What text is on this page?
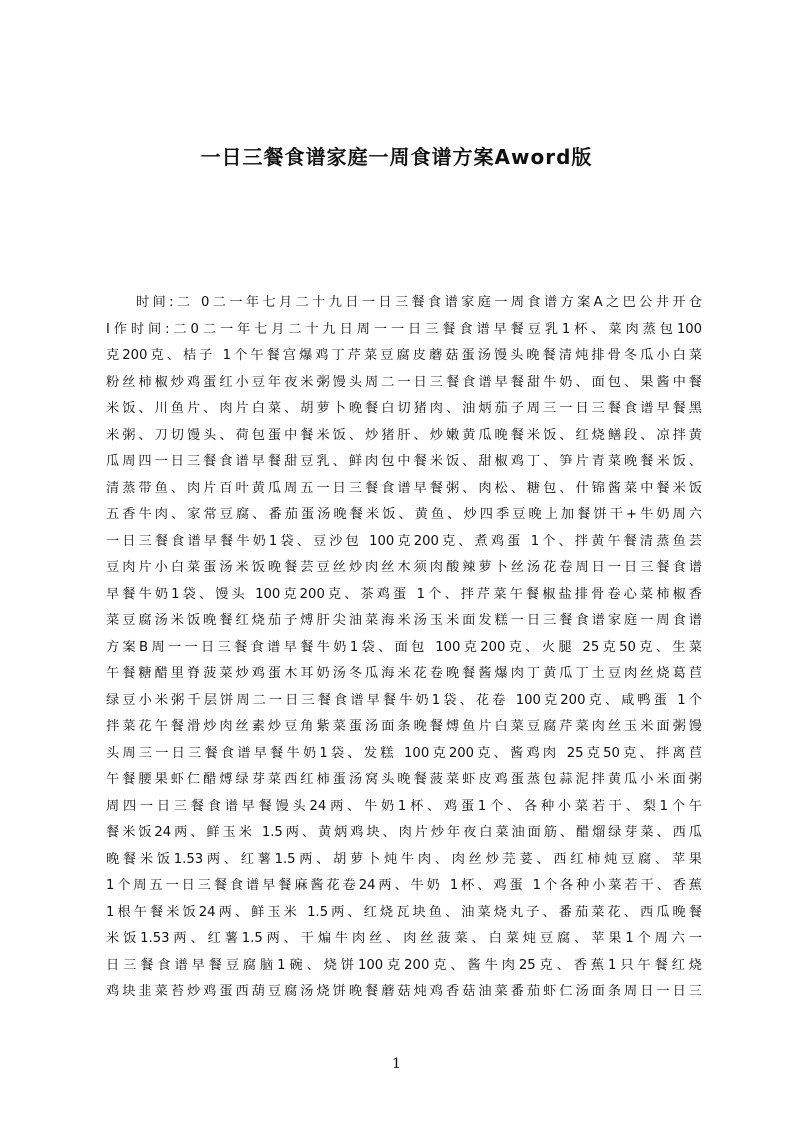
一日三餐食谱家庭一周食谱方案Aword版
时间:二 0二一年七月二十九日一日三餐食谱家庭一周食谱方案A之巴公井开仓
I作时间:二0二一年七月二十九日周一一日三餐食谱早餐豆乳1杯、菜肉蒸包100
克200克、桔子 1个午餐宫爆鸡丁芹菜豆腐皮蘑菇蛋汤馒头晚餐清炖排骨冬瓜小白菜
粉丝柿椒炒鸡蛋红小豆年夜米粥馒头周二一日三餐食谱早餐甜牛奶、面包、果酱中餐
米饭、川鱼片、肉片白菜、胡萝卜晚餐白切猪肉、油炳茄子周三一日三餐食谱早餐黑
米粥、刀切馒头、荷包蛋中餐米饭、炒猪肝、炒嫩黄瓜晚餐米饭、红烧鳝段、凉拌黄
瓜周四一日三餐食谱早餐甜豆乳、鲜肉包中餐米饭、甜椒鸡丁、笋片青菜晚餐米饭、
清蒸带鱼、肉片百叶黄瓜周五一日三餐食谱早餐粥、肉松、糖包、什锦酱菜中餐米饭
五香牛肉、家常豆腐、番茄蛋汤晚餐米饭、黄鱼、炒四季豆晚上加餐饼干+牛奶周六
一日三餐食谱早餐牛奶1袋、豆沙包 100克200克、煮鸡蛋 1个、拌黄午餐清蒸鱼芸
豆肉片小白菜蛋汤米饭晚餐芸豆丝炒肉丝木须肉酸辣萝卜丝汤花卷周日一日三餐食谱
早餐牛奶1袋、馒头 100克200克、茶鸡蛋 1个、拌芹菜午餐椒盐排骨卷心菜柿椒香
菜豆腐汤米饭晚餐红烧茄子煿肝尖油菜海米汤玉米面发糕一日三餐食谱家庭一周食谱
方案B周一一日三餐食谱早餐牛奶1袋、面包 100克200克、火腿 25克50克、生菜
午餐糖醋里脊菠菜炒鸡蛋木耳奶汤冬瓜海米花卷晚餐酱爆肉丁黄瓜丁土豆肉丝烧葛苣
绿豆小米粥千层饼周二一日三餐食谱早餐牛奶1袋、花卷 100克200克、咸鸭蛋 1个
拌菜花午餐滑炒肉丝素炒豆角紫菜蛋汤面条晚餐煿鱼片白菜豆腐芹菜肉丝玉米面粥馒
头周三一日三餐食谱早餐牛奶1袋、发糕 100克200克、酱鸡肉 25克50克、拌离苣
午餐腰果虾仁醋煿绿芽菜西红柿蛋汤窝头晚餐菠菜虾皮鸡蛋蒸包蒜泥拌黄瓜小米面粥
周四一日三餐食谱早餐馒头24两、牛奶1杯、鸡蛋1个、各种小菜若干、梨1个午
餐米饭24两、鲜玉米 1.5两、黄炳鸡块、肉片炒年夜白菜油面筋、醋熘绿芽菜、西瓜
晚餐米饭1.53两、红薯1.5两、胡萝卜炖牛肉、肉丝炒芫荽、西红柿炖豆腐、苹果
1个周五一日三餐食谱早餐麻酱花卷24两、牛奶 1杯、鸡蛋 1个各种小菜若干、香蕉
1根午餐米饭24两、鲜玉米 1.5两、红烧瓦块鱼、油菜烧丸子、番茄菜花、西瓜晚餐
米饭1.53两、红薯1.5两、干煸牛肉丝、肉丝菠菜、白菜炖豆腐、苹果1个周六一
日三餐食谱早餐豆腐脑1碗、烧饼100克200克、酱牛肉25克、香蕉1只午餐红烧
鸡块韭菜苔炒鸡蛋西葫豆腐汤烧饼晚餐蘑菇炖鸡香菇油菜番茄虾仁汤面条周日一日三
1
